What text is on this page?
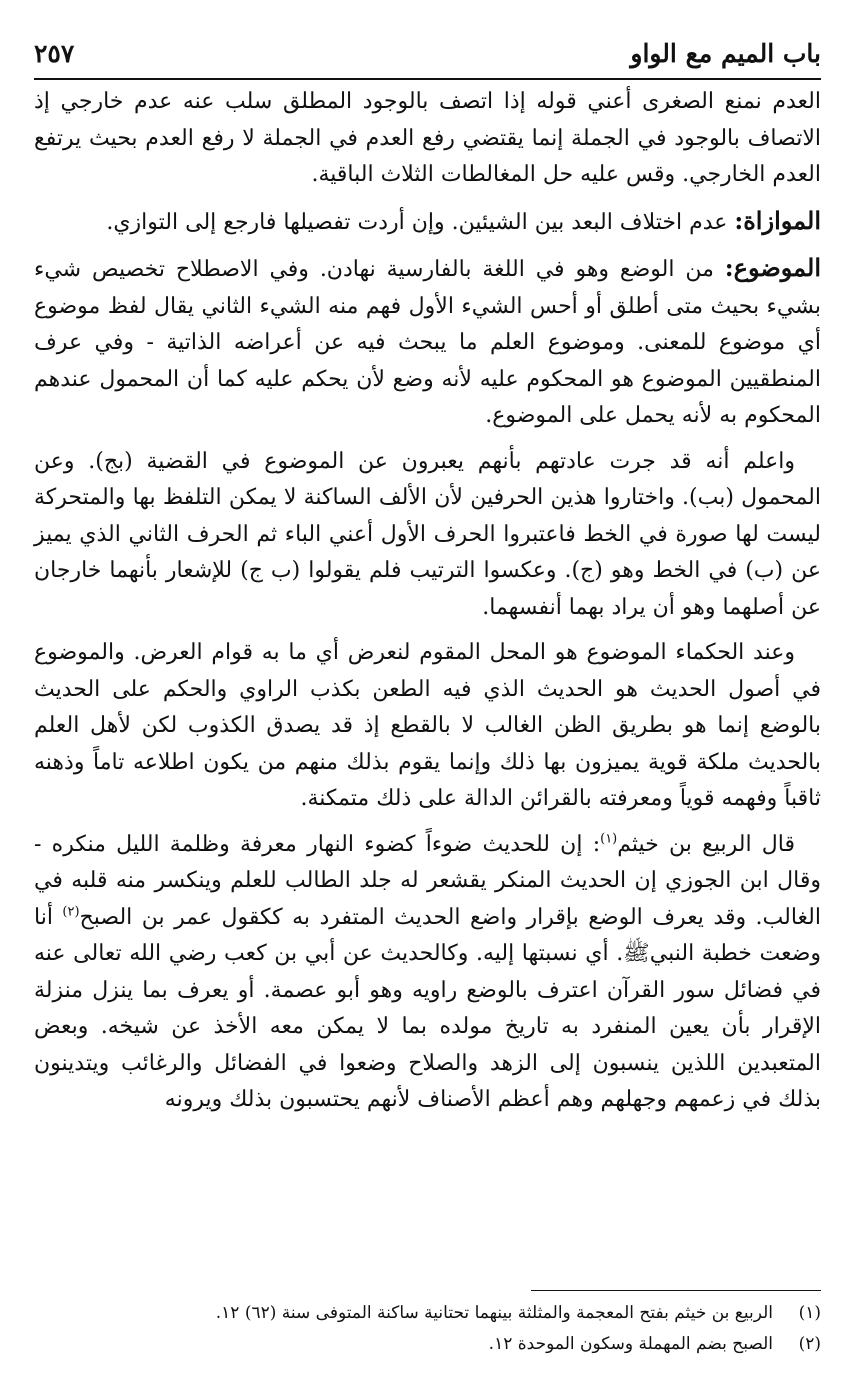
باب الميم مع الواو
٢٥٧

العدم نمنع الصغرى أعني قوله إذا اتصف بالوجود المطلق سلب عنه عدم خارجي إذ الاتصاف بالوجود في الجملة إنما يقتضي رفع العدم في الجملة لا رفع العدم بحيث يرتفع العدم الخارجي. وقس عليه حل المغالطات الثلاث الباقية.

الموازاة: عدم اختلاف البعد بين الشيئين. وإن أردت تفصيلها فارجع إلى التوازي.

الموضوع: من الوضع وهو في اللغة بالفارسية نهادن. وفي الاصطلاح تخصيص شيء بشيء بحيث متى أطلق أو أحس الشيء الأول فهم منه الشيء الثاني يقال لفظ موضوع أي موضوع للمعنى. وموضوع العلم ما يبحث فيه عن أعراضه الذاتية - وفي عرف المنطقيين الموضوع هو المحكوم عليه لأنه وضع لأن يحكم عليه كما أن المحمول عندهم المحكوم به لأنه يحمل على الموضوع.

واعلم أنه قد جرت عادتهم بأنهم يعبرون عن الموضوع في القضية (بج). وعن المحمول (بب). واختاروا هذين الحرفين لأن الألف الساكنة لا يمكن التلفظ بها والمتحركة ليست لها صورة في الخط فاعتبروا الحرف الأول أعني الباء ثم الحرف الثاني الذي يميز عن (ب) في الخط وهو (ج). وعكسوا الترتيب فلم يقولوا (ب ج) للإشعار بأنهما خارجان عن أصلهما وهو أن يراد بهما أنفسهما.

وعند الحكماء الموضوع هو المحل المقوم لنعرض أي ما به قوام العرض. والموضوع في أصول الحديث هو الحديث الذي فيه الطعن بكذب الراوي والحكم على الحديث بالوضع إنما هو بطريق الظن الغالب لا بالقطع إذ قد يصدق الكذوب لكن لأهل العلم بالحديث ملكة قوية يميزون بها ذلك وإنما يقوم بذلك منهم من يكون اطلاعه تاماً وذهنه ثاقباً وفهمه قوياً ومعرفته بالقرائن الدالة على ذلك متمكنة.

قال الربيع بن خيثم$^{(١)}$: إن للحديث ضوءاً كضوء النهار معرفة وظلمة الليل منكره - وقال ابن الجوزي إن الحديث المنكر يقشعر له جلد الطالب للعلم وينكسر منه قلبه في الغالب. وقد يعرف الوضع بإقرار واضع الحديث المتفرد به ككقول عمر بن الصبح$^{(٢)}$ أنا وضعت خطبة النبيﷺ. أي نسبتها إليه. وكالحديث عن أبي بن كعب رضي الله تعالى عنه في فضائل سور القرآن اعترف بالوضع راويه وهو أبو عصمة. أو يعرف بما ينزل منزلة الإقرار بأن يعين المنفرد به تاريخ مولده بما لا يمكن معه الأخذ عن شيخه. وبعض المتعبدين اللذين ينسبون إلى الزهد والصلاح وضعوا في الفضائل والرغائب ويتدينون بذلك في زعمهم وجهلهم وهم أعظم الأصناف لأنهم يحتسبون بذلك ويرونه

(١)الربيع بن خيثم بفتح المعجمة والمثلثة بينهما تحتانية ساكنة المتوفى سنة (٦٢) ١٢.

(٢)الصبح بضم المهملة وسكون الموحدة ١٢.
